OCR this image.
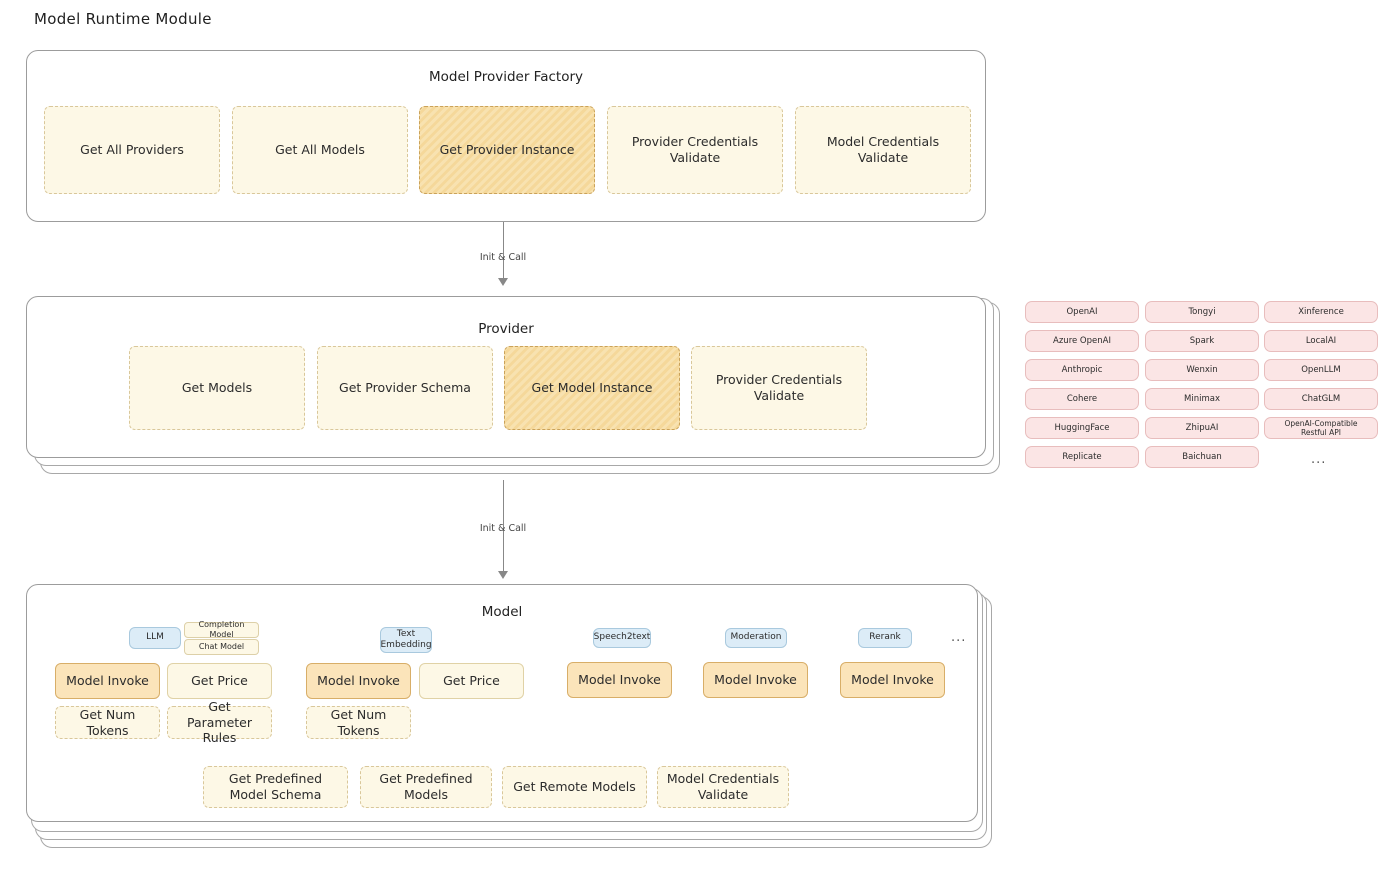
Model Runtime Module
Model Provider Factory
Get All Providers	Get All Models	Get Provider Instance
Provider Credentials Validate
Model Credentials Validate
Init & Call
Provider
Get Models	Get Provider Schema	Get Model Instance
Provider Credentials Validate
OpenAI
Azure OpenAI
Anthropic
Cohere
HuggingFace
Replicate
Tongyi
Spark
Wenxin
Minimax
ZhipuAI
Baichuan
Xinference
LocalAI
OpenLLM
ChatGLM
OpenAI-Compatible Restful API
...
Init & Call
Model
LLM
Completion Model
Chat Model
Text Embedding
Speech2text	Moderation	Rerank	...
Model Invoke	Get Price
Get Num Tokens
Get Parameter Rules
Model Invoke	Get Price
Get Num Tokens
Model Invoke	Model Invoke	Model Invoke
Get Predefined Model Schema
Get Predefined Models
Get Remote Models
Model Credentials Validate
